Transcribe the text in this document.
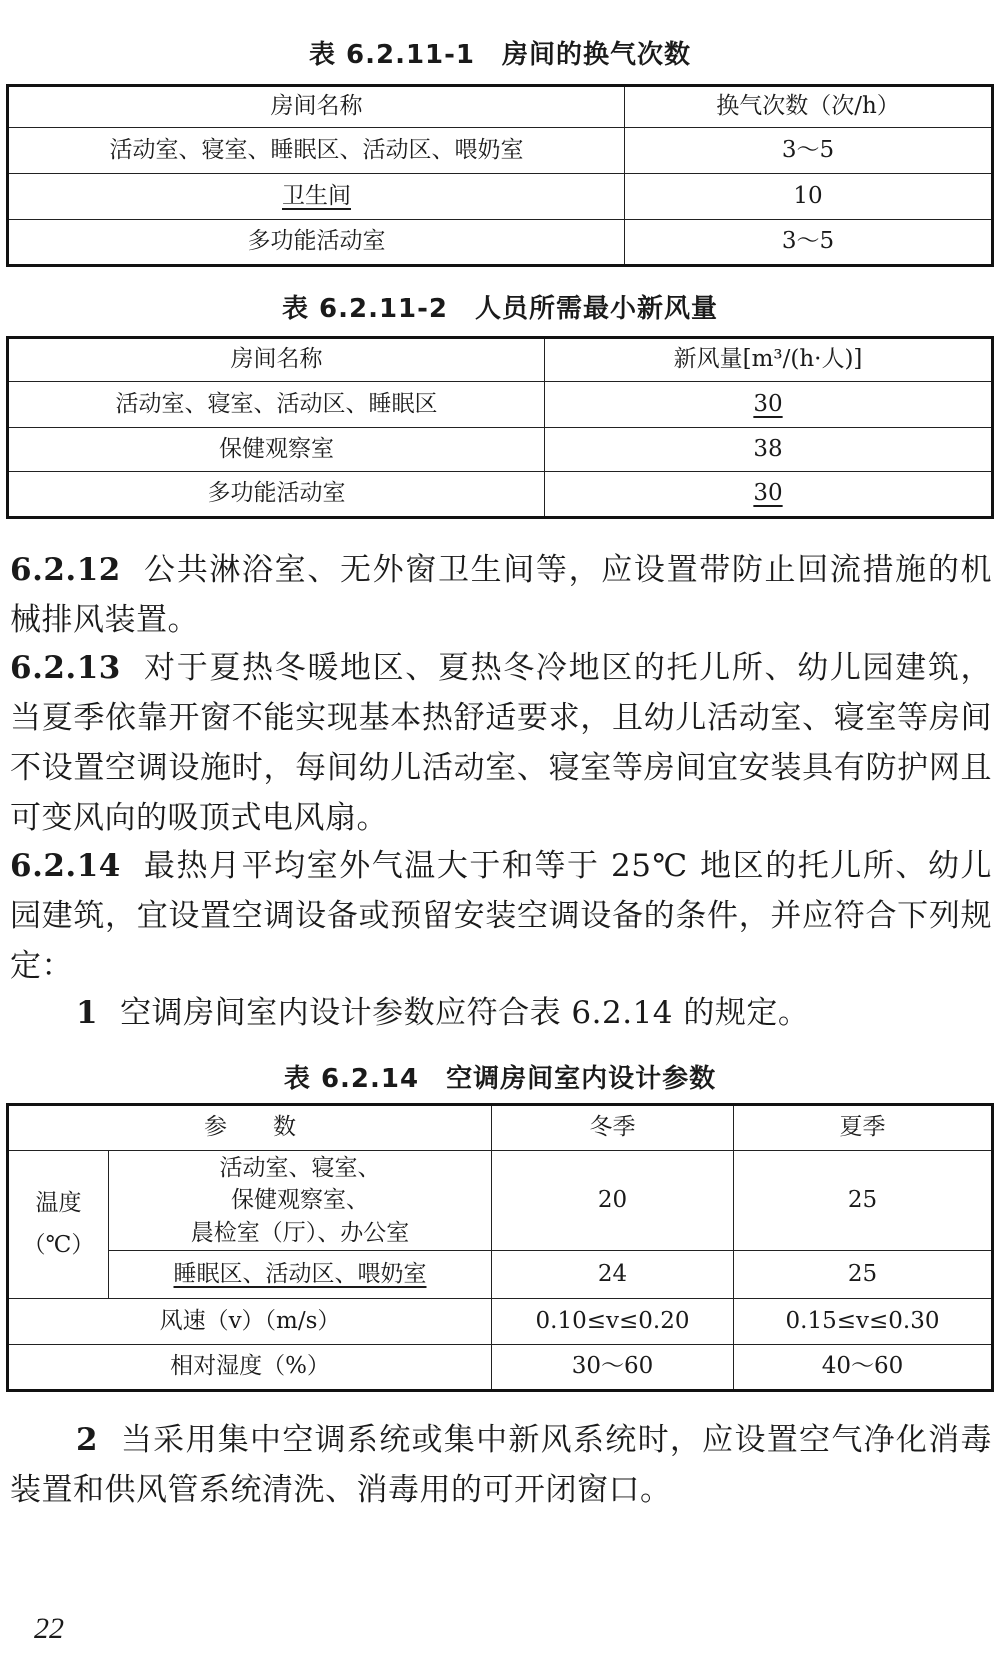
表 6.2.11-1　房间的换气次数
房间名称	换气次数（次/h）
活动室、寝室、睡眠区、活动区、喂奶室	3～5
卫生间	10
多功能活动室	3～5
表 6.2.11-2　人员所需最小新风量
房间名称	新风量[m³/(h·人)]
活动室、寝室、活动区、睡眠区	30
保健观察室	38
多功能活动室	30

6.2.12 公共淋浴室、无外窗卫生间等，应设置带防止回流措施的机械排风装置。

6.2.13 对于夏热冬暖地区、夏热冬冷地区的托儿所、幼儿园建筑，当夏季依靠开窗不能实现基本热舒适要求，且幼儿活动室、寝室等房间不设置空调设施时，每间幼儿活动室、寝室等房间宜安装具有防护网且可变风向的吸顶式电风扇。

6.2.14 最热月平均室外气温大于和等于 25℃ 地区的托儿所、幼儿园建筑，宜设置空调设备或预留安装空调设备的条件，并应符合下列规定：

1 空调房间室内设计参数应符合表 6.2.14 的规定。

表 6.2.14　空调房间室内设计参数
参　　数		冬季	夏季
温度
（℃）	活动室、寝室、
保健观察室、
晨检室（厅）、办公室	20	25
	睡眠区、活动区、喂奶室	24	25
风速（v）（m/s）		0.10≤v≤0.20	0.15≤v≤0.30
相对湿度（%）		30～60	40～60

2 当采用集中空调系统或集中新风系统时，应设置空气净化消毒装置和供风管系统清洗、消毒用的可开闭窗口。

22
